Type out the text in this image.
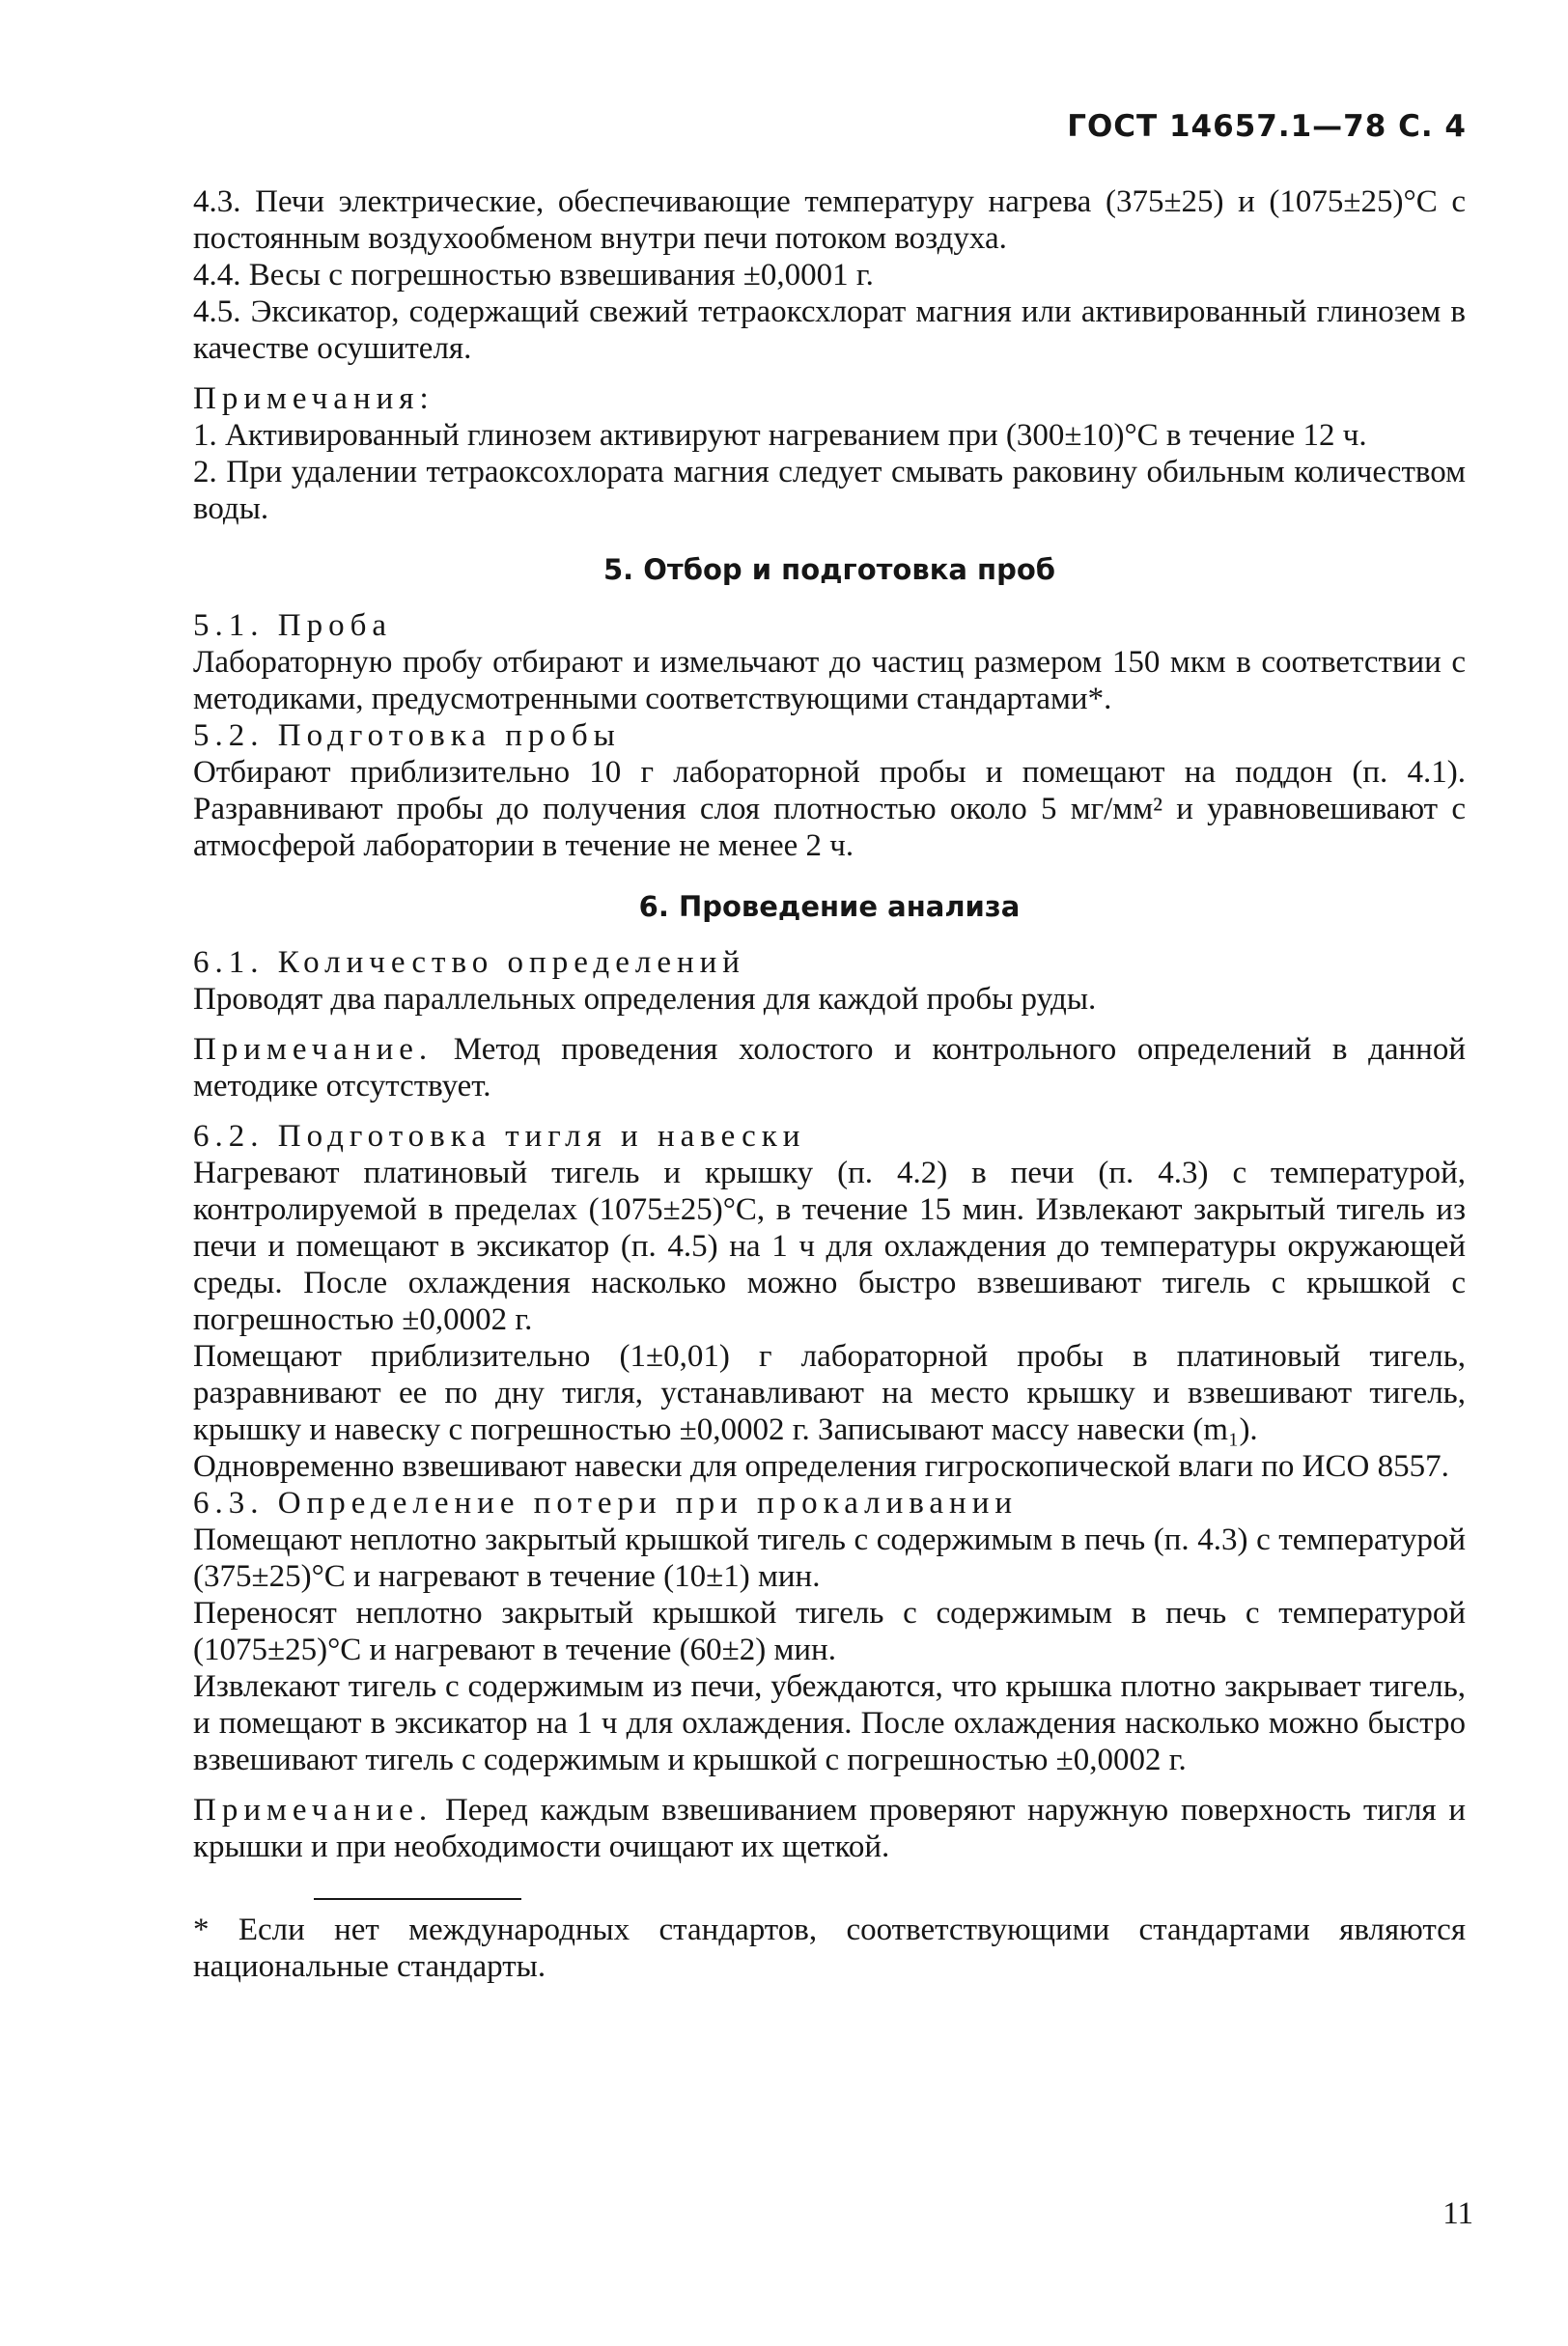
ГОСТ 14657.1—78 С. 4

4.3. Печи электрические, обеспечивающие температуру нагрева (375±25) и (1075±25)°С с постоянным воздухообменом внутри печи потоком воздуха.

4.4. Весы с погрешностью взвешивания ±0,0001 г.

4.5. Эксикатор, содержащий свежий тетраоксхлорат магния или активированный глинозем в качестве осушителя.

Примечания:

1. Активированный глинозем активируют нагреванием при (300±10)°С в течение 12 ч.

2. При удалении тетраоксохлората магния следует смывать раковину обильным количеством воды.

5. Отбор и подготовка проб

5.1. Проба

Лабораторную пробу отбирают и измельчают до частиц размером 150 мкм в соответствии с методиками, предусмотренными соответствующими стандартами*.

5.2. Подготовка пробы

Отбирают приблизительно 10 г лабораторной пробы и помещают на поддон (п. 4.1). Разравнивают пробы до получения слоя плотностью около 5 мг/мм² и уравновешивают с атмосферой лаборатории в течение не менее 2 ч.

6. Проведение анализа

6.1. Количество определений

Проводят два параллельных определения для каждой пробы руды.

Примечание. Метод проведения холостого и контрольного определений в данной методике отсутствует.

6.2. Подготовка тигля и навески

Нагревают платиновый тигель и крышку (п. 4.2) в печи (п. 4.3) с температурой, контролируемой в пределах (1075±25)°С, в течение 15 мин. Извлекают закрытый тигель из печи и помещают в эксикатор (п. 4.5) на 1 ч для охлаждения до температуры окружающей среды. После охлаждения насколько можно быстро взвешивают тигель с крышкой с погрешностью ±0,0002 г.

Помещают приблизительно (1±0,01) г лабораторной пробы в платиновый тигель, разравнивают ее по дну тигля, устанавливают на место крышку и взвешивают тигель, крышку и навеску с погрешностью ±0,0002 г. Записывают массу навески (m₁).

Одновременно взвешивают навески для определения гигроскопической влаги по ИСО 8557.

6.3. Определение потери при прокаливании

Помещают неплотно закрытый крышкой тигель с содержимым в печь (п. 4.3) с температурой (375±25)°С и нагревают в течение (10±1) мин.

Переносят неплотно закрытый крышкой тигель с содержимым в печь с температурой (1075±25)°С и нагревают в течение (60±2) мин.

Извлекают тигель с содержимым из печи, убеждаются, что крышка плотно закрывает тигель, и помещают в эксикатор на 1 ч для охлаждения. После охлаждения насколько можно быстро взвешивают тигель с содержимым и крышкой с погрешностью ±0,0002 г.

Примечание. Перед каждым взвешиванием проверяют наружную поверхность тигля и крышки и при необходимости очищают их щеткой.

* Если нет международных стандартов, соответствующими стандартами являются национальные стандарты.

11
